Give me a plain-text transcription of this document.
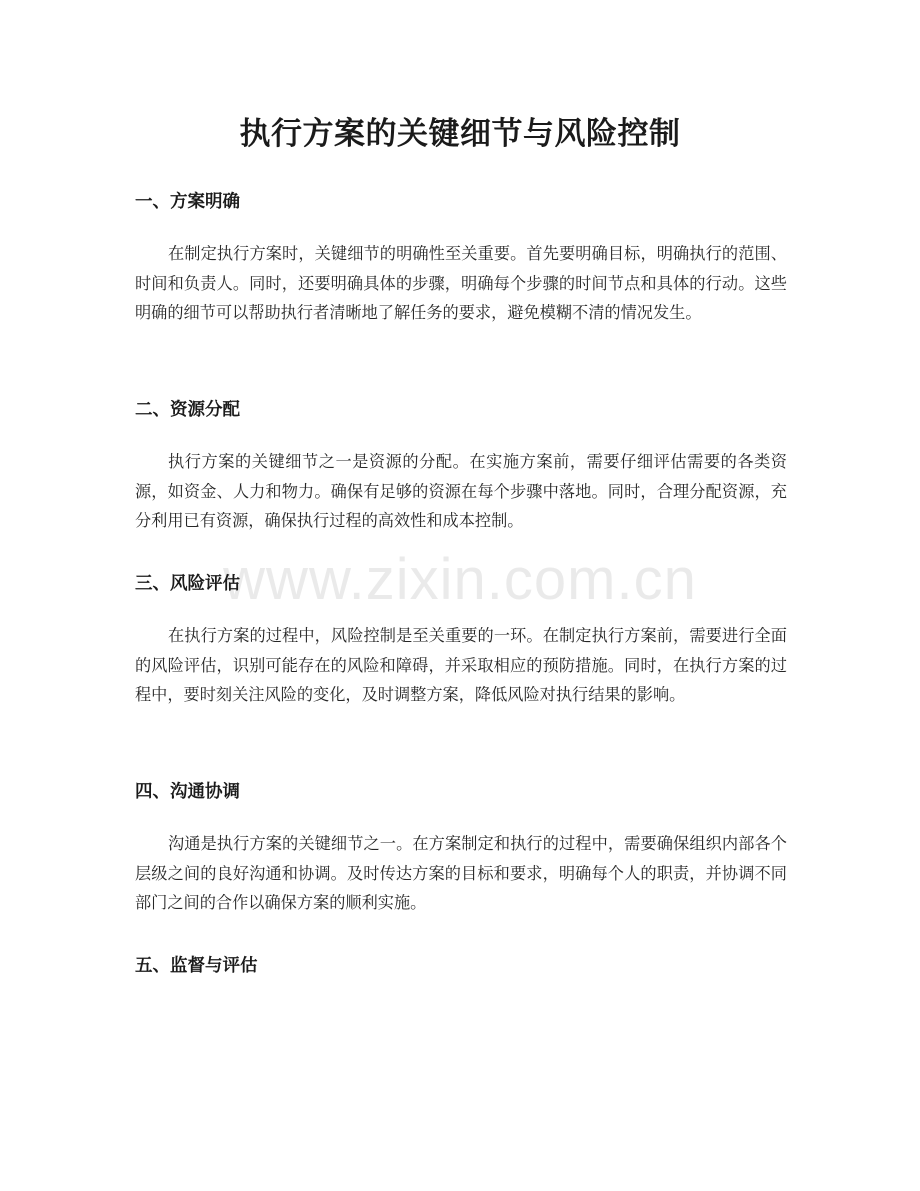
执行方案的关键细节与风险控制
www.zixin.com.cn
一、方案明确

在制定执行方案时，关键细节的明确性至关重要。首先要明确目标，明确执行的范围、时间和负责人。同时，还要明确具体的步骤，明确每个步骤的时间节点和具体的行动。这些明确的细节可以帮助执行者清晰地了解任务的要求，避免模糊不清的情况发生。

二、资源分配

执行方案的关键细节之一是资源的分配。在实施方案前，需要仔细评估需要的各类资源，如资金、人力和物力。确保有足够的资源在每个步骤中落地。同时，合理分配资源，充分利用已有资源，确保执行过程的高效性和成本控制。

三、风险评估

在执行方案的过程中，风险控制是至关重要的一环。在制定执行方案前，需要进行全面的风险评估，识别可能存在的风险和障碍，并采取相应的预防措施。同时，在执行方案的过程中，要时刻关注风险的变化，及时调整方案，降低风险对执行结果的影响。

四、沟通协调

沟通是执行方案的关键细节之一。在方案制定和执行的过程中，需要确保组织内部各个层级之间的良好沟通和协调。及时传达方案的目标和要求，明确每个人的职责，并协调不同部门之间的合作以确保方案的顺利实施。

五、监督与评估
